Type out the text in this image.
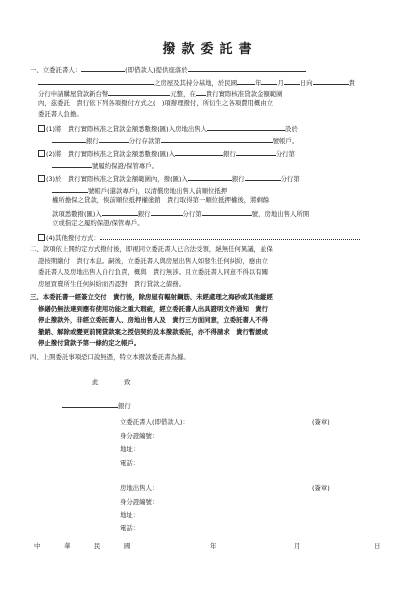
撥款委託書
一、立委託書人：	(即借款人)提供座落於
之房屋及其持分基地，於民國	年	月	日向	貴
分行申請購屋貸款新台幣	元整，在 貴行實際核准貸款金額範圍
內，茲委託　貴行依下列各項撥付方式之(　)項辦理撥付，所衍生之各項費用概由立
委託書人負擔。
(1)將　貴行實際核准之貸款金額悉數撥(匯)入房地出售人	設於
銀行	分行存款第	號帳戶。
(2)將　貴行實際核准之貸款金額悉數撥(匯)入	銀行	分行第
號履約保證/保管專戶。
(3)於　貴行實際核准之貸款金額範圍內，撥(匯)入	銀行	分行第
號帳戶(還款專戶)，以清償房地出售人前順位抵押
權所擔保之貸款，俟前順位抵押權塗銷　貴行取得第一順位抵押權後，將剩餘
款項悉數撥(匯)入	銀行	分行第	號，房地出售人所開
立或指定之履約保證/保管專戶。
(4)其他撥付方式：
二、款項依上開約定方式撥付後，即視同立委託書人已合法受領，絕無任何異議，並保
證按期繳付　貴行本息。嗣後，立委託書人與房屋出售人如發生任何糾紛，應由立
委託書人及房地出售人自行負責，概與　貴行無涉。且立委託書人同意不得以有關
房屋買賣所生任何糾紛而否認對　貴行貸款之債務。
三、本委託書一經簽立交付　貴行後，除房屋有輻射鋼筋、未經處理之海砂或其他縱經
修繕仍無法達到應有使用功能之重大瑕疵，經立委託書人出具證明文件通知　貴行
停止撥款外，非經立委託書人、房地出售人及　貴行三方面同意，立委託書人不得
撤銷、解除或變更前開貸款案之授信契約及本撥款委託，亦不得請求　貴行暫緩或
停止撥付貸款予第一條約定之帳戶。
四、上開委託事項恐口說無憑，特立本撥款委託書為據。
此	致
銀行
立委託書人(即借款人)：	(簽章)
身分證編號：
地址：
電話：
房地出售人：	(簽章)
身分證編號：
地址：
電話：
中	華	民	國	年	月	日
